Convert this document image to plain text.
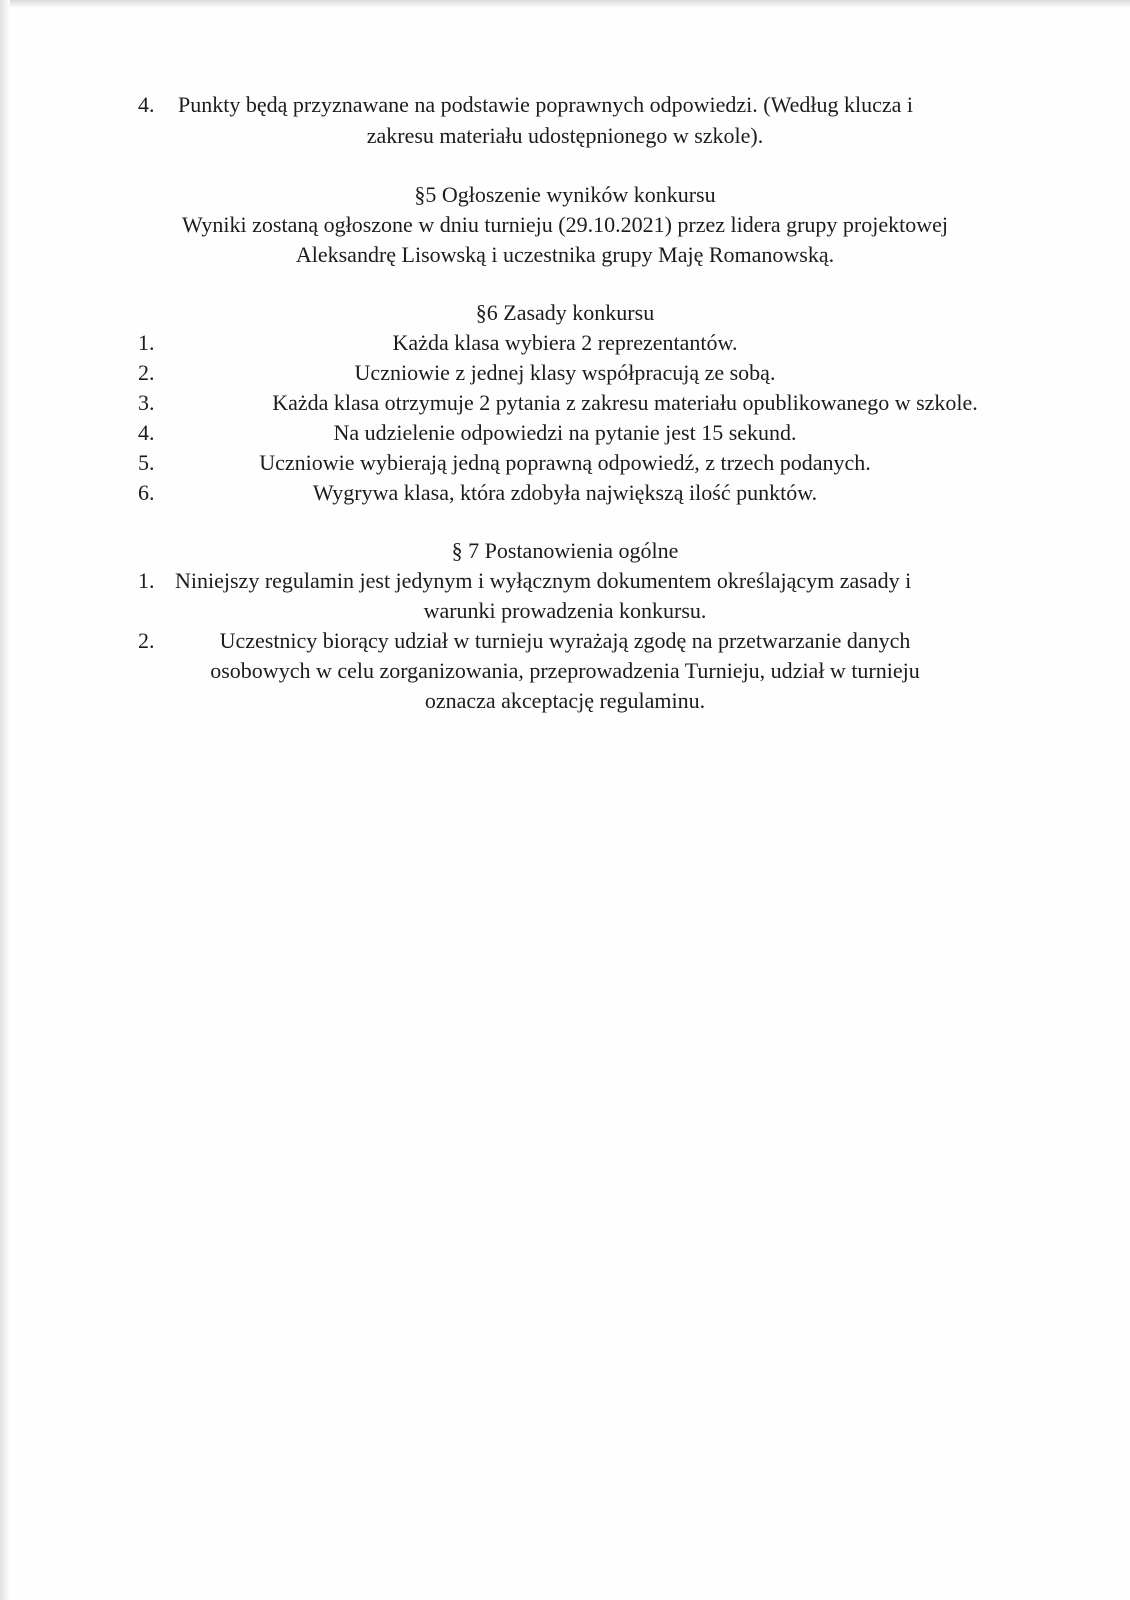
4. Punkty będą przyznawane na podstawie poprawnych odpowiedzi. (Według klucza i
zakresu materiału udostępnionego w szkole).
§5 Ogłoszenie wyników konkursu
Wyniki zostaną ogłoszone w dniu turnieju (29.10.2021) przez lidera grupy projektowej
Aleksandrę Lisowską i uczestnika grupy Maję Romanowską.
§6 Zasady konkursu
1.	Każda klasa wybiera 2 reprezentantów.
2.	Uczniowie z jednej klasy współpracują ze sobą.
3.	Każda klasa otrzymuje 2 pytania z zakresu materiału opublikowanego w szkole.
4.	Na udzielenie odpowiedzi na pytanie jest 15 sekund.
5.	Uczniowie wybierają jedną poprawną odpowiedź, z trzech podanych.
6.	Wygrywa klasa, która zdobyła największą ilość punktów.
§ 7 Postanowienia ogólne
1. Niniejszy regulamin jest jedynym i wyłącznym dokumentem określającym zasady i
warunki prowadzenia konkursu.
2.	Uczestnicy biorący udział w turnieju wyrażają zgodę na przetwarzanie danych
osobowych w celu zorganizowania, przeprowadzenia Turnieju, udział w turnieju
oznacza akceptację regulaminu.
